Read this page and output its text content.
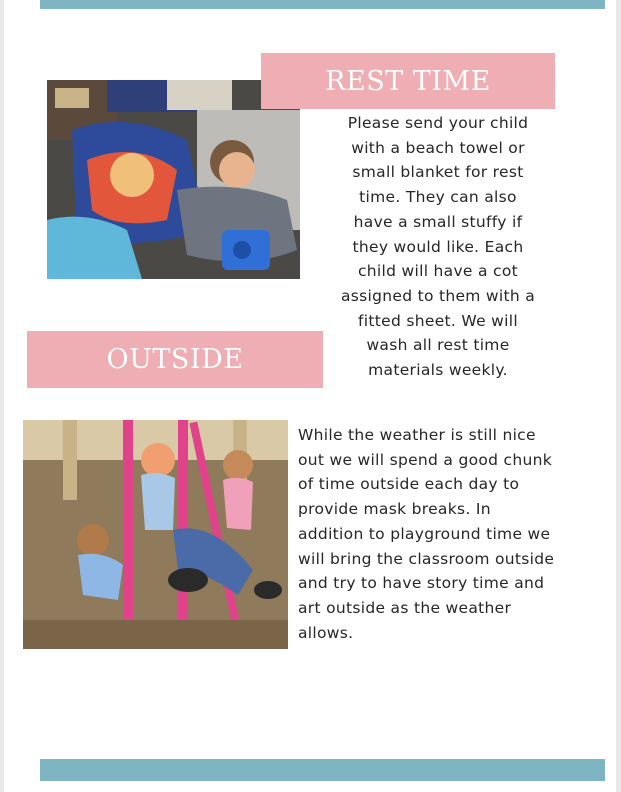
REST TIME
Please send your child
with a beach towel or
small blanket for rest
time. They can also
have a small stuffy if
they would like. Each
child will have a cot
assigned to them with a
fitted sheet. We will
wash all rest time
materials weekly.
OUTSIDE
While the weather is still nice
out we will spend a good chunk
of time outside each day to
provide mask breaks. In
addition to playground time we
will bring the classroom outside
and try to have story time and
art outside as the weather
allows.
